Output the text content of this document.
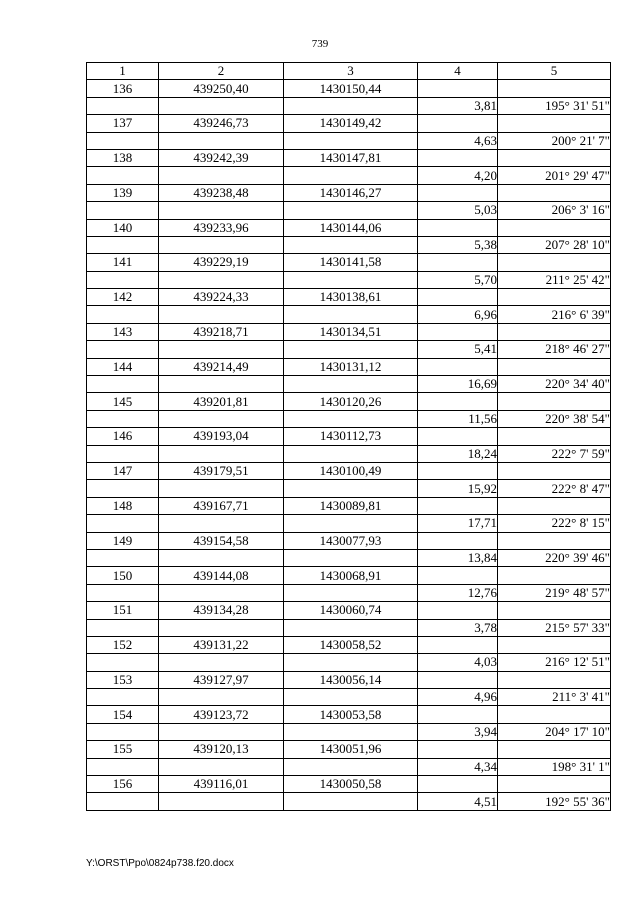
739
1	2	3	4	5
136	439250,40	1430150,44		
			3,81	195° 31' 51"
137	439246,73	1430149,42		
			4,63	200° 21' 7"
138	439242,39	1430147,81		
			4,20	201° 29' 47"
139	439238,48	1430146,27		
			5,03	206° 3' 16"
140	439233,96	1430144,06		
			5,38	207° 28' 10"
141	439229,19	1430141,58		
			5,70	211° 25' 42"
142	439224,33	1430138,61		
			6,96	216° 6' 39"
143	439218,71	1430134,51		
			5,41	218° 46' 27"
144	439214,49	1430131,12		
			16,69	220° 34' 40"
145	439201,81	1430120,26		
			11,56	220° 38' 54"
146	439193,04	1430112,73		
			18,24	222° 7' 59"
147	439179,51	1430100,49		
			15,92	222° 8' 47"
148	439167,71	1430089,81		
			17,71	222° 8' 15"
149	439154,58	1430077,93		
			13,84	220° 39' 46"
150	439144,08	1430068,91		
			12,76	219° 48' 57"
151	439134,28	1430060,74		
			3,78	215° 57' 33"
152	439131,22	1430058,52		
			4,03	216° 12' 51"
153	439127,97	1430056,14		
			4,96	211° 3' 41"
154	439123,72	1430053,58		
			3,94	204° 17' 10"
155	439120,13	1430051,96		
			4,34	198° 31' 1"
156	439116,01	1430050,58		
			4,51	192° 55' 36"
Y:\ORST\Ppo\0824p738.f20.docx
